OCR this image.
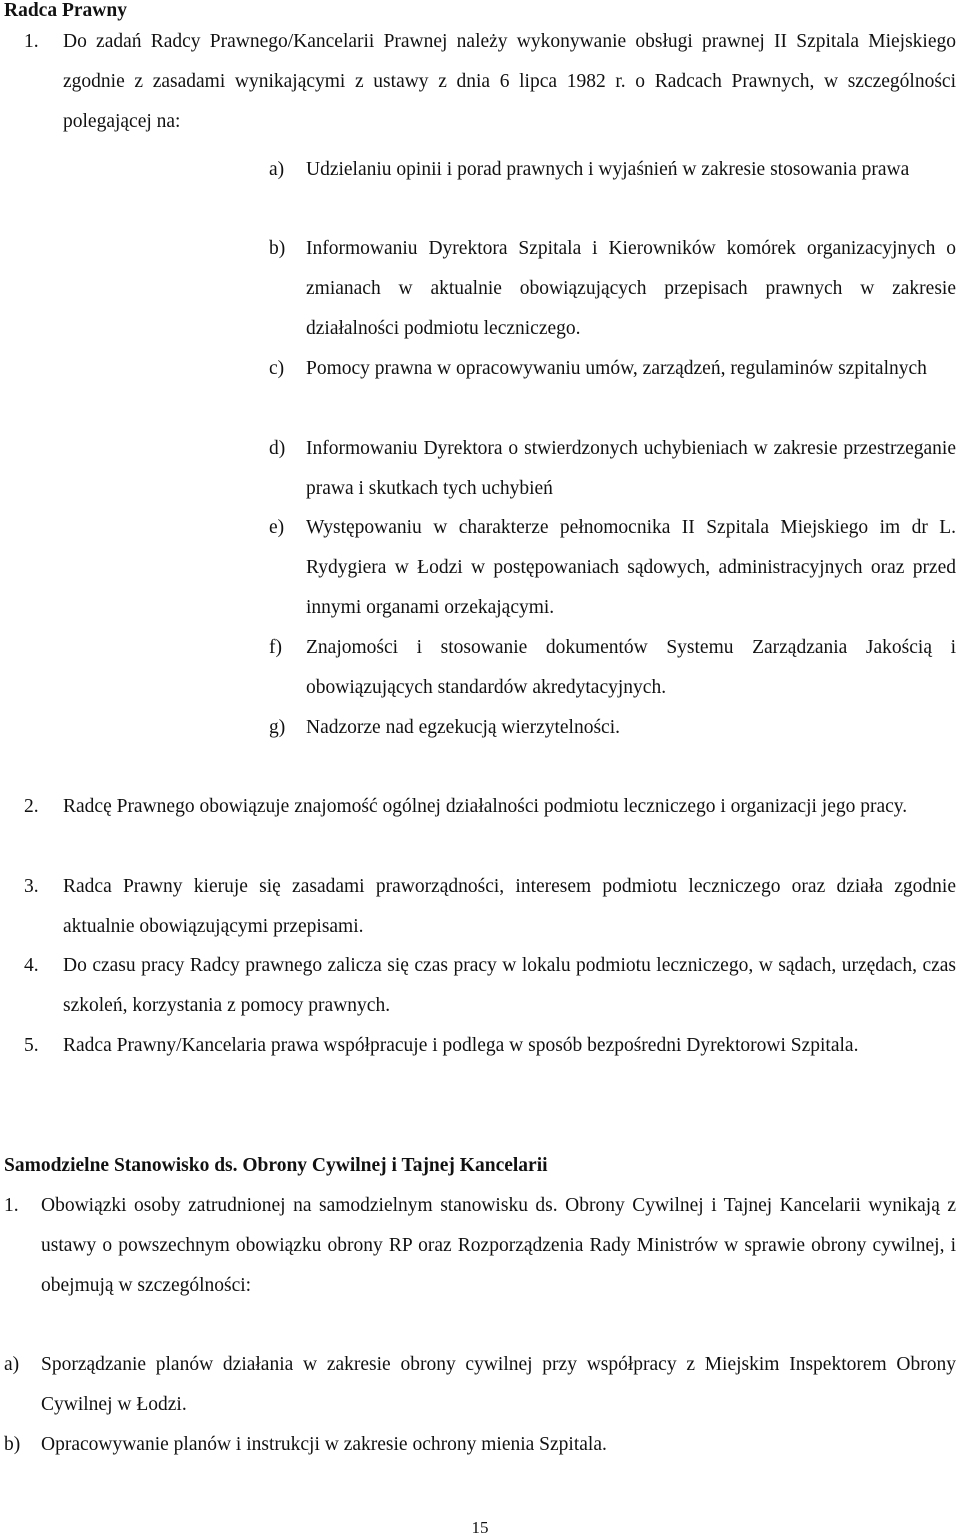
Radca Prawny
1. Do zadań Radcy Prawnego/Kancelarii Prawnej należy wykonywanie obsługi prawnej II Szpitala Miejskiego zgodnie z zasadami wynikającymi z ustawy z dnia 6 lipca 1982 r. o Radcach Prawnych, w szczególności polegającej na:
a) Udzielaniu opinii i porad prawnych i wyjaśnień w zakresie stosowania prawa
b) Informowaniu Dyrektora Szpitala i Kierowników komórek organizacyjnych o zmianach w aktualnie obowiązujących przepisach prawnych w zakresie działalności podmiotu leczniczego.
c) Pomocy prawna w opracowywaniu umów, zarządzeń, regulaminów szpitalnych
d) Informowaniu Dyrektora o stwierdzonych uchybieniach w zakresie przestrzeganie prawa i skutkach tych uchybień
e) Występowaniu w charakterze pełnomocnika II Szpitala Miejskiego im dr L. Rydygiera w Łodzi w postępowaniach sądowych, administracyjnych oraz przed innymi organami orzekającymi.
f) Znajomości i stosowanie dokumentów Systemu Zarządzania Jakością i obowiązujących standardów akredytacyjnych.
g) Nadzorze nad egzekucją wierzytelności.
2. Radcę Prawnego obowiązuje znajomość ogólnej działalności podmiotu leczniczego i organizacji jego pracy.
3. Radca Prawny kieruje się zasadami praworządności, interesem podmiotu leczniczego oraz działa zgodnie aktualnie obowiązującymi przepisami.
4. Do czasu pracy Radcy prawnego zalicza się czas pracy w lokalu podmiotu leczniczego, w sądach, urzędach, czas szkoleń, korzystania z pomocy prawnych.
5. Radca Prawny/Kancelaria prawa współpracuje i podlega w sposób bezpośredni Dyrektorowi Szpitala.
Samodzielne Stanowisko ds. Obrony Cywilnej i Tajnej Kancelarii
1. Obowiązki osoby zatrudnionej na samodzielnym stanowisku ds. Obrony Cywilnej i Tajnej Kancelarii wynikają z ustawy o powszechnym obowiązku obrony RP oraz Rozporządzenia Rady Ministrów w sprawie obrony cywilnej, i obejmują w szczególności:
a) Sporządzanie planów działania w zakresie obrony cywilnej przy współpracy z Miejskim Inspektorem Obrony Cywilnej w Łodzi.
b) Opracowywanie planów i instrukcji w zakresie ochrony mienia Szpitala.
15
